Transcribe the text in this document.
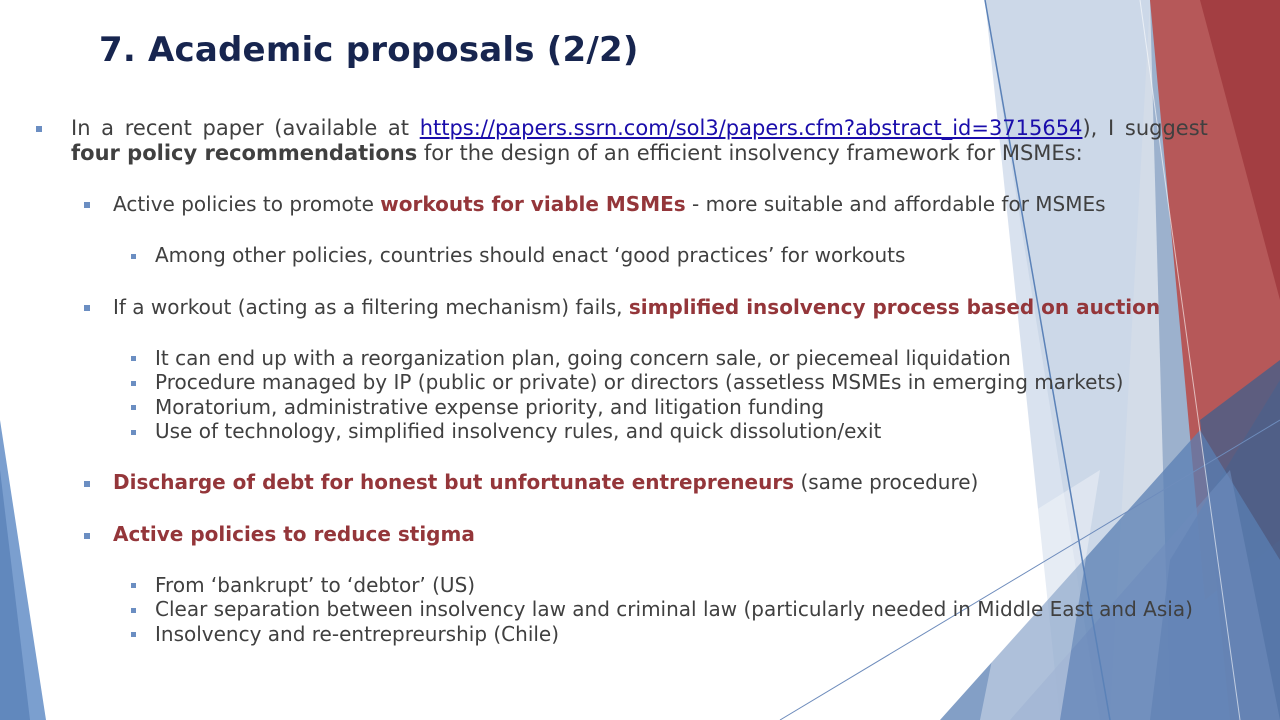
7. Academic proposals (2/2)
In a recent paper (available at https://papers.ssrn.com/sol3/papers.cfm?abstract_id=3715654), I suggest
four policy recommendations for the design of an efficient insolvency framework for MSMEs:
Active policies to promote workouts for viable MSMEs - more suitable and affordable for MSMEs
Among other policies, countries should enact ‘good practices’ for workouts
If a workout (acting as a filtering mechanism) fails, simplified insolvency process based on auction
It can end up with a reorganization plan, going concern sale, or piecemeal liquidation
Procedure managed by IP (public or private) or directors (assetless MSMEs in emerging markets)
Moratorium, administrative expense priority, and litigation funding
Use of technology, simplified insolvency rules, and quick dissolution/exit
Discharge of debt for honest but unfortunate entrepreneurs (same procedure)
Active policies to reduce stigma
From ‘bankrupt’ to ‘debtor’ (US)
Clear separation between insolvency law and criminal law (particularly needed in Middle East and Asia)
Insolvency and re-entrepreurship (Chile)
